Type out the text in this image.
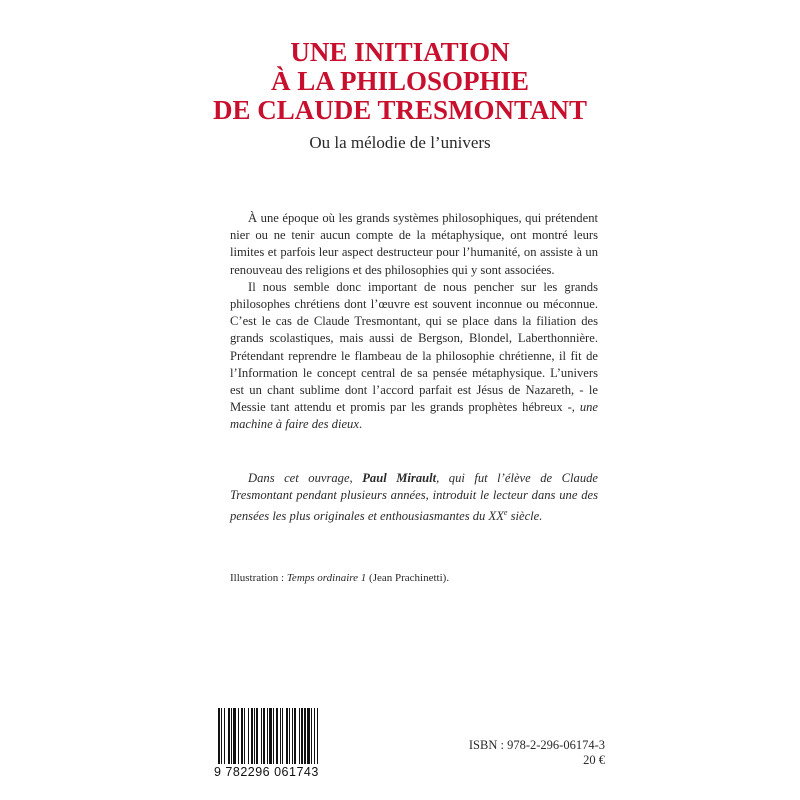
UNE INITIATION
À LA PHILOSOPHIE
DE CLAUDE TRESMONTANT

Ou la mélodie de l’univers

À une époque où les grands systèmes philosophiques, qui prétendent nier ou ne tenir aucun compte de la métaphysique, ont montré leurs limites et parfois leur aspect destructeur pour l’humanité, on assiste à un renouveau des religions et des philosophies qui y sont associées.

Il nous semble donc important de nous pencher sur les grands philosophes chrétiens dont l’œuvre est souvent inconnue ou méconnue. C’est le cas de Claude Tresmontant, qui se place dans la filiation des grands scolastiques, mais aussi de Bergson, Blondel, Laberthonnière. Prétendant reprendre le flambeau de la philosophie chrétienne, il fit de l’Information le concept central de sa pensée métaphysique. L’univers est un chant sublime dont l’accord parfait est Jésus de Nazareth, - le Messie tant attendu et promis par les grands prophètes hébreux -, une machine à faire des dieux.

Dans cet ouvrage, Paul Mirault, qui fut l’élève de Claude Tresmontant pendant plusieurs années, introduit le lecteur dans une des pensées les plus originales et enthousiasmantes du XXe siècle.

Illustration : Temps ordinaire 1 (Jean Prachinetti).
9 782296 061743
ISBN : 978-2-296-06174-3
20 €
